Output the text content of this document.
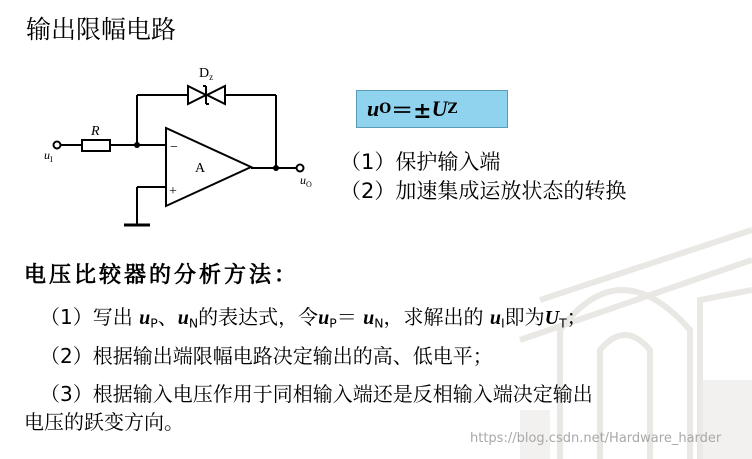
输出限幅电路
$D_z$
R
A
−
+
$u_I$
$u_O$
u O ＝± U Z
（1）保护输入端
（2）加速集成运放状态的转换
电压比较器的分析方法：
（1）写出 $u_P$、$u_N$的表达式，令$u_P= u_N$，求解出的 $u_I$即为$U_T$；
（2）根据输出端限幅电路决定输出的高、低电平；
（3）根据输入电压作用于同相输入端还是反相输入端决定输出
电压的跃变方向。
https://blog.csdn.net/Hardware_harder
